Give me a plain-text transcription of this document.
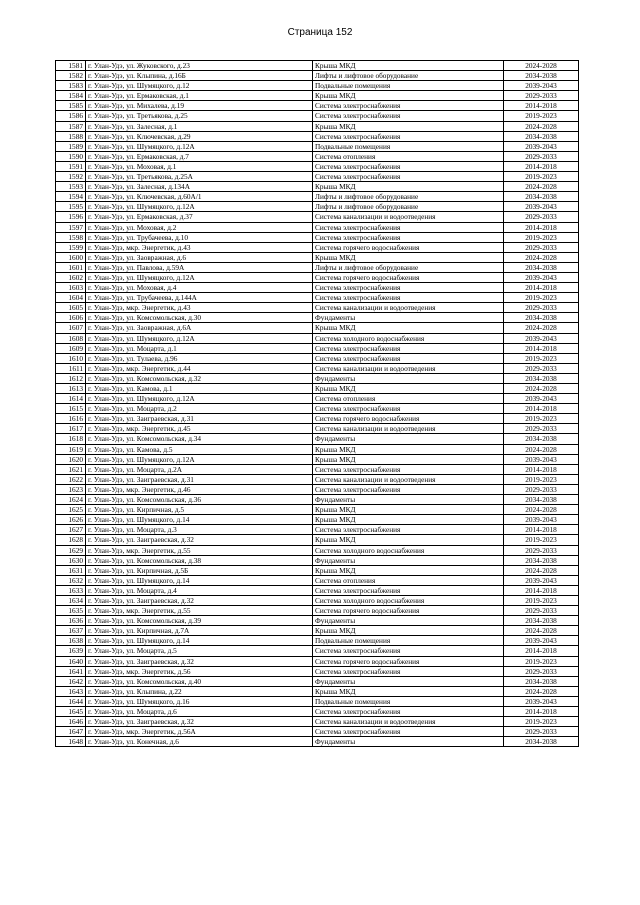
Страница 152
1581	г. Улан-Удэ, ул. Жуковского, д.23	Крыша МКД	2024-2028
1582	г. Улан-Удэ, ул. Клыпина, д.16Б	Лифты и лифтовое оборудование	2034-2038
1583	г. Улан-Удэ, ул. Шумяцкого, д.12	Подвальные помещения	2039-2043
1584	г. Улан-Удэ, ул. Ермаковская, д.1	Крыша МКД	2029-2033
1585	г. Улан-Удэ, ул. Михалева, д.19	Система электроснабжения	2014-2018
1586	г. Улан-Удэ, ул. Третьякова, д.25	Система электроснабжения	2019-2023
1587	г. Улан-Удэ, ул. Залесная, д.1	Крыша МКД	2024-2028
1588	г. Улан-Удэ, ул. Ключевская, д.29	Система электроснабжения	2034-2038
1589	г. Улан-Удэ, ул. Шумяцкого, д.12А	Подвальные помещения	2039-2043
1590	г. Улан-Удэ, ул. Ермаковская, д.7	Система отопления	2029-2033
1591	г. Улан-Удэ, ул. Моховая, д.1	Система электроснабжения	2014-2018
1592	г. Улан-Удэ, ул. Третьякова, д.25А	Система электроснабжения	2019-2023
1593	г. Улан-Удэ, ул. Залесная, д.134А	Крыша МКД	2024-2028
1594	г. Улан-Удэ, ул. Ключевская, д.60А/1	Лифты и лифтовое оборудование	2034-2038
1595	г. Улан-Удэ, ул. Шумяцкого, д.12А	Лифты и лифтовое оборудование	2039-2043
1596	г. Улан-Удэ, ул. Ермаковская, д.37	Система канализации и водоотведения	2029-2033
1597	г. Улан-Удэ, ул. Моховая, д.2	Система электроснабжения	2014-2018
1598	г. Улан-Удэ, ул. Трубачеева, д.10	Система электроснабжения	2019-2023
1599	г. Улан-Удэ, мкр. Энергетик, д.43	Система горячего водоснабжения	2029-2033
1600	г. Улан-Удэ, ул. Заовражная, д.6	Крыша МКД	2024-2028
1601	г. Улан-Удэ, ул. Павлова, д.59А	Лифты и лифтовое оборудование	2034-2038
1602	г. Улан-Удэ, ул. Шумяцкого, д.12А	Система горячего водоснабжения	2039-2043
1603	г. Улан-Удэ, ул. Моховая, д.4	Система электроснабжения	2014-2018
1604	г. Улан-Удэ, ул. Трубачеева, д.144А	Система электроснабжения	2019-2023
1605	г. Улан-Удэ, мкр. Энергетик, д.43	Система канализации и водоотведения	2029-2033
1606	г. Улан-Удэ, ул. Комсомольская, д.30	Фундаменты	2034-2038
1607	г. Улан-Удэ, ул. Заовражная, д.6А	Крыша МКД	2024-2028
1608	г. Улан-Удэ, ул. Шумяцкого, д.12А	Система холодного водоснабжения	2039-2043
1609	г. Улан-Удэ, ул. Моцарта, д.1	Система электроснабжения	2014-2018
1610	г. Улан-Удэ, ул. Тулаева, д.96	Система электроснабжения	2019-2023
1611	г. Улан-Удэ, мкр. Энергетик, д.44	Система канализации и водоотведения	2029-2033
1612	г. Улан-Удэ, ул. Комсомольская, д.32	Фундаменты	2034-2038
1613	г. Улан-Удэ, ул. Камова, д.1	Крыша МКД	2024-2028
1614	г. Улан-Удэ, ул. Шумяцкого, д.12А	Система отопления	2039-2043
1615	г. Улан-Удэ, ул. Моцарта, д.2	Система электроснабжения	2014-2018
1616	г. Улан-Удэ, ул. Заиграевская, д.31	Система горячего водоснабжения	2019-2023
1617	г. Улан-Удэ, мкр. Энергетик, д.45	Система канализации и водоотведения	2029-2033
1618	г. Улан-Удэ, ул. Комсомольская, д.34	Фундаменты	2034-2038
1619	г. Улан-Удэ, ул. Камова, д.5	Крыша МКД	2024-2028
1620	г. Улан-Удэ, ул. Шумяцкого, д.12А	Крыша МКД	2039-2043
1621	г. Улан-Удэ, ул. Моцарта, д.2А	Система электроснабжения	2014-2018
1622	г. Улан-Удэ, ул. Заиграевская, д.31	Система канализации и водоотведения	2019-2023
1623	г. Улан-Удэ, мкр. Энергетик, д.46	Система электроснабжения	2029-2033
1624	г. Улан-Удэ, ул. Комсомольская, д.36	Фундаменты	2034-2038
1625	г. Улан-Удэ, ул. Кирпичная, д.5	Крыша МКД	2024-2028
1626	г. Улан-Удэ, ул. Шумяцкого, д.14	Крыша МКД	2039-2043
1627	г. Улан-Удэ, ул. Моцарта, д.3	Система электроснабжения	2014-2018
1628	г. Улан-Удэ, ул. Заиграевская, д.32	Крыша МКД	2019-2023
1629	г. Улан-Удэ, мкр. Энергетик, д.55	Система холодного водоснабжения	2029-2033
1630	г. Улан-Удэ, ул. Комсомольская, д.38	Фундаменты	2034-2038
1631	г. Улан-Удэ, ул. Кирпичная, д.5Б	Крыша МКД	2024-2028
1632	г. Улан-Удэ, ул. Шумяцкого, д.14	Система отопления	2039-2043
1633	г. Улан-Удэ, ул. Моцарта, д.4	Система электроснабжения	2014-2018
1634	г. Улан-Удэ, ул. Заиграевская, д.32	Система холодного водоснабжения	2019-2023
1635	г. Улан-Удэ, мкр. Энергетик, д.55	Система горячего водоснабжения	2029-2033
1636	г. Улан-Удэ, ул. Комсомольская, д.39	Фундаменты	2034-2038
1637	г. Улан-Удэ, ул. Кирпичная, д.7А	Крыша МКД	2024-2028
1638	г. Улан-Удэ, ул. Шумяцкого, д.14	Подвальные помещения	2039-2043
1639	г. Улан-Удэ, ул. Моцарта, д.5	Система электроснабжения	2014-2018
1640	г. Улан-Удэ, ул. Заиграевская, д.32	Система горячего водоснабжения	2019-2023
1641	г. Улан-Удэ, мкр. Энергетик, д.56	Система электроснабжения	2029-2033
1642	г. Улан-Удэ, ул. Комсомольская, д.40	Фундаменты	2034-2038
1643	г. Улан-Удэ, ул. Клыпина, д.22	Крыша МКД	2024-2028
1644	г. Улан-Удэ, ул. Шумяцкого, д.16	Подвальные помещения	2039-2043
1645	г. Улан-Удэ, ул. Моцарта, д.6	Система электроснабжения	2014-2018
1646	г. Улан-Удэ, ул. Заиграевская, д.32	Система канализации и водоотведения	2019-2023
1647	г. Улан-Удэ, мкр. Энергетик, д.56А	Система электроснабжения	2029-2033
1648	г. Улан-Удэ, ул. Конечная, д.6	Фундаменты	2034-2038
